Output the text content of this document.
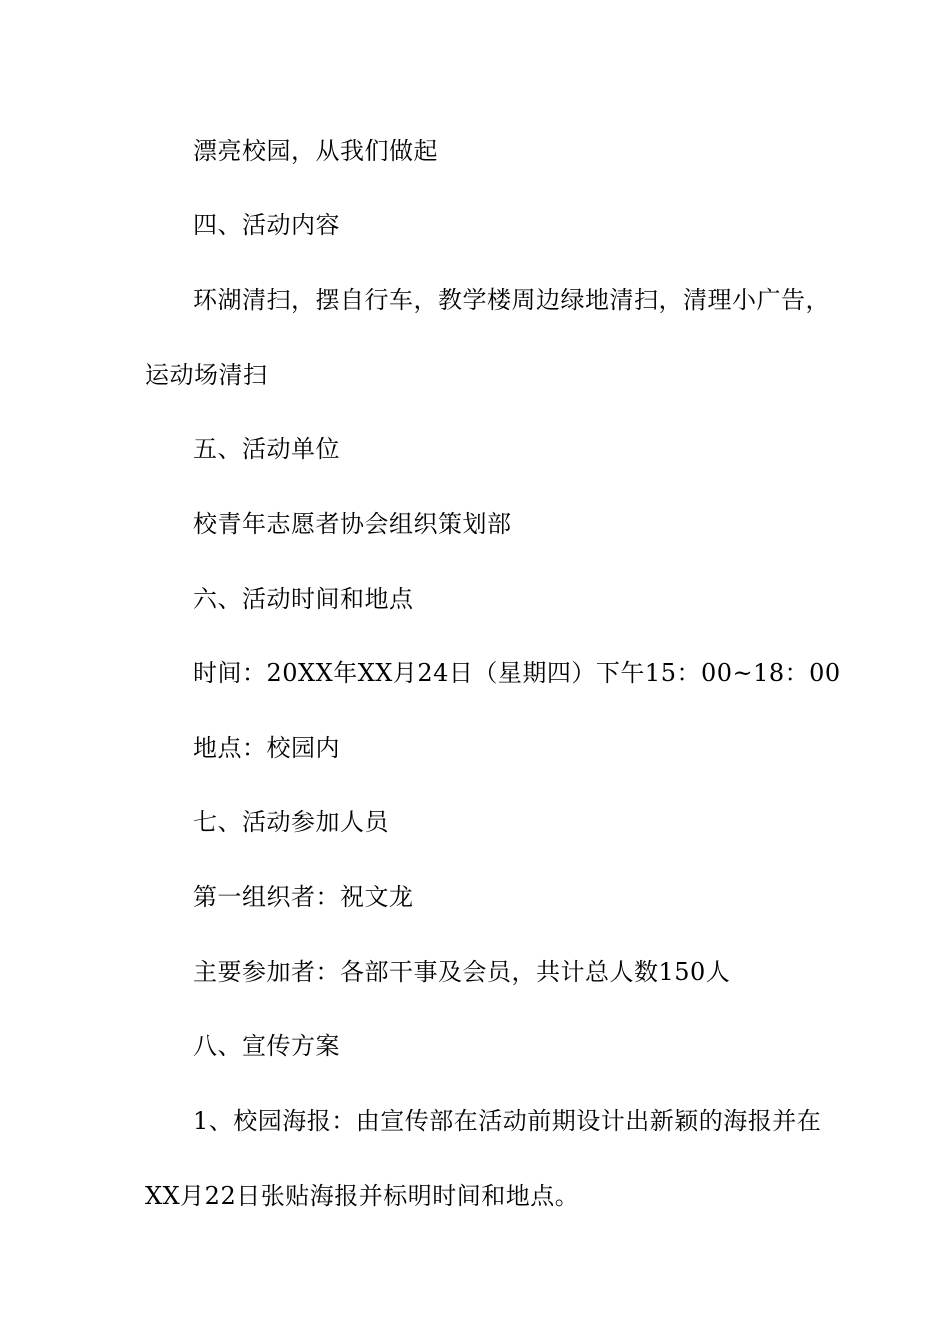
漂亮校园，从我们做起
四、活动内容
环湖清扫，摆自行车，教学楼周边绿地清扫，清理小广告，
运动场清扫
五、活动单位
校青年志愿者协会组织策划部
六、活动时间和地点
时间：20XX年XX月24日（星期四）下午15：00~18：00
地点：校园内
七、活动参加人员
第一组织者：祝文龙
主要参加者：各部干事及会员，共计总人数150人
八、宣传方案
1、校园海报：由宣传部在活动前期设计出新颖的海报并在
XX月22日张贴海报并标明时间和地点。
